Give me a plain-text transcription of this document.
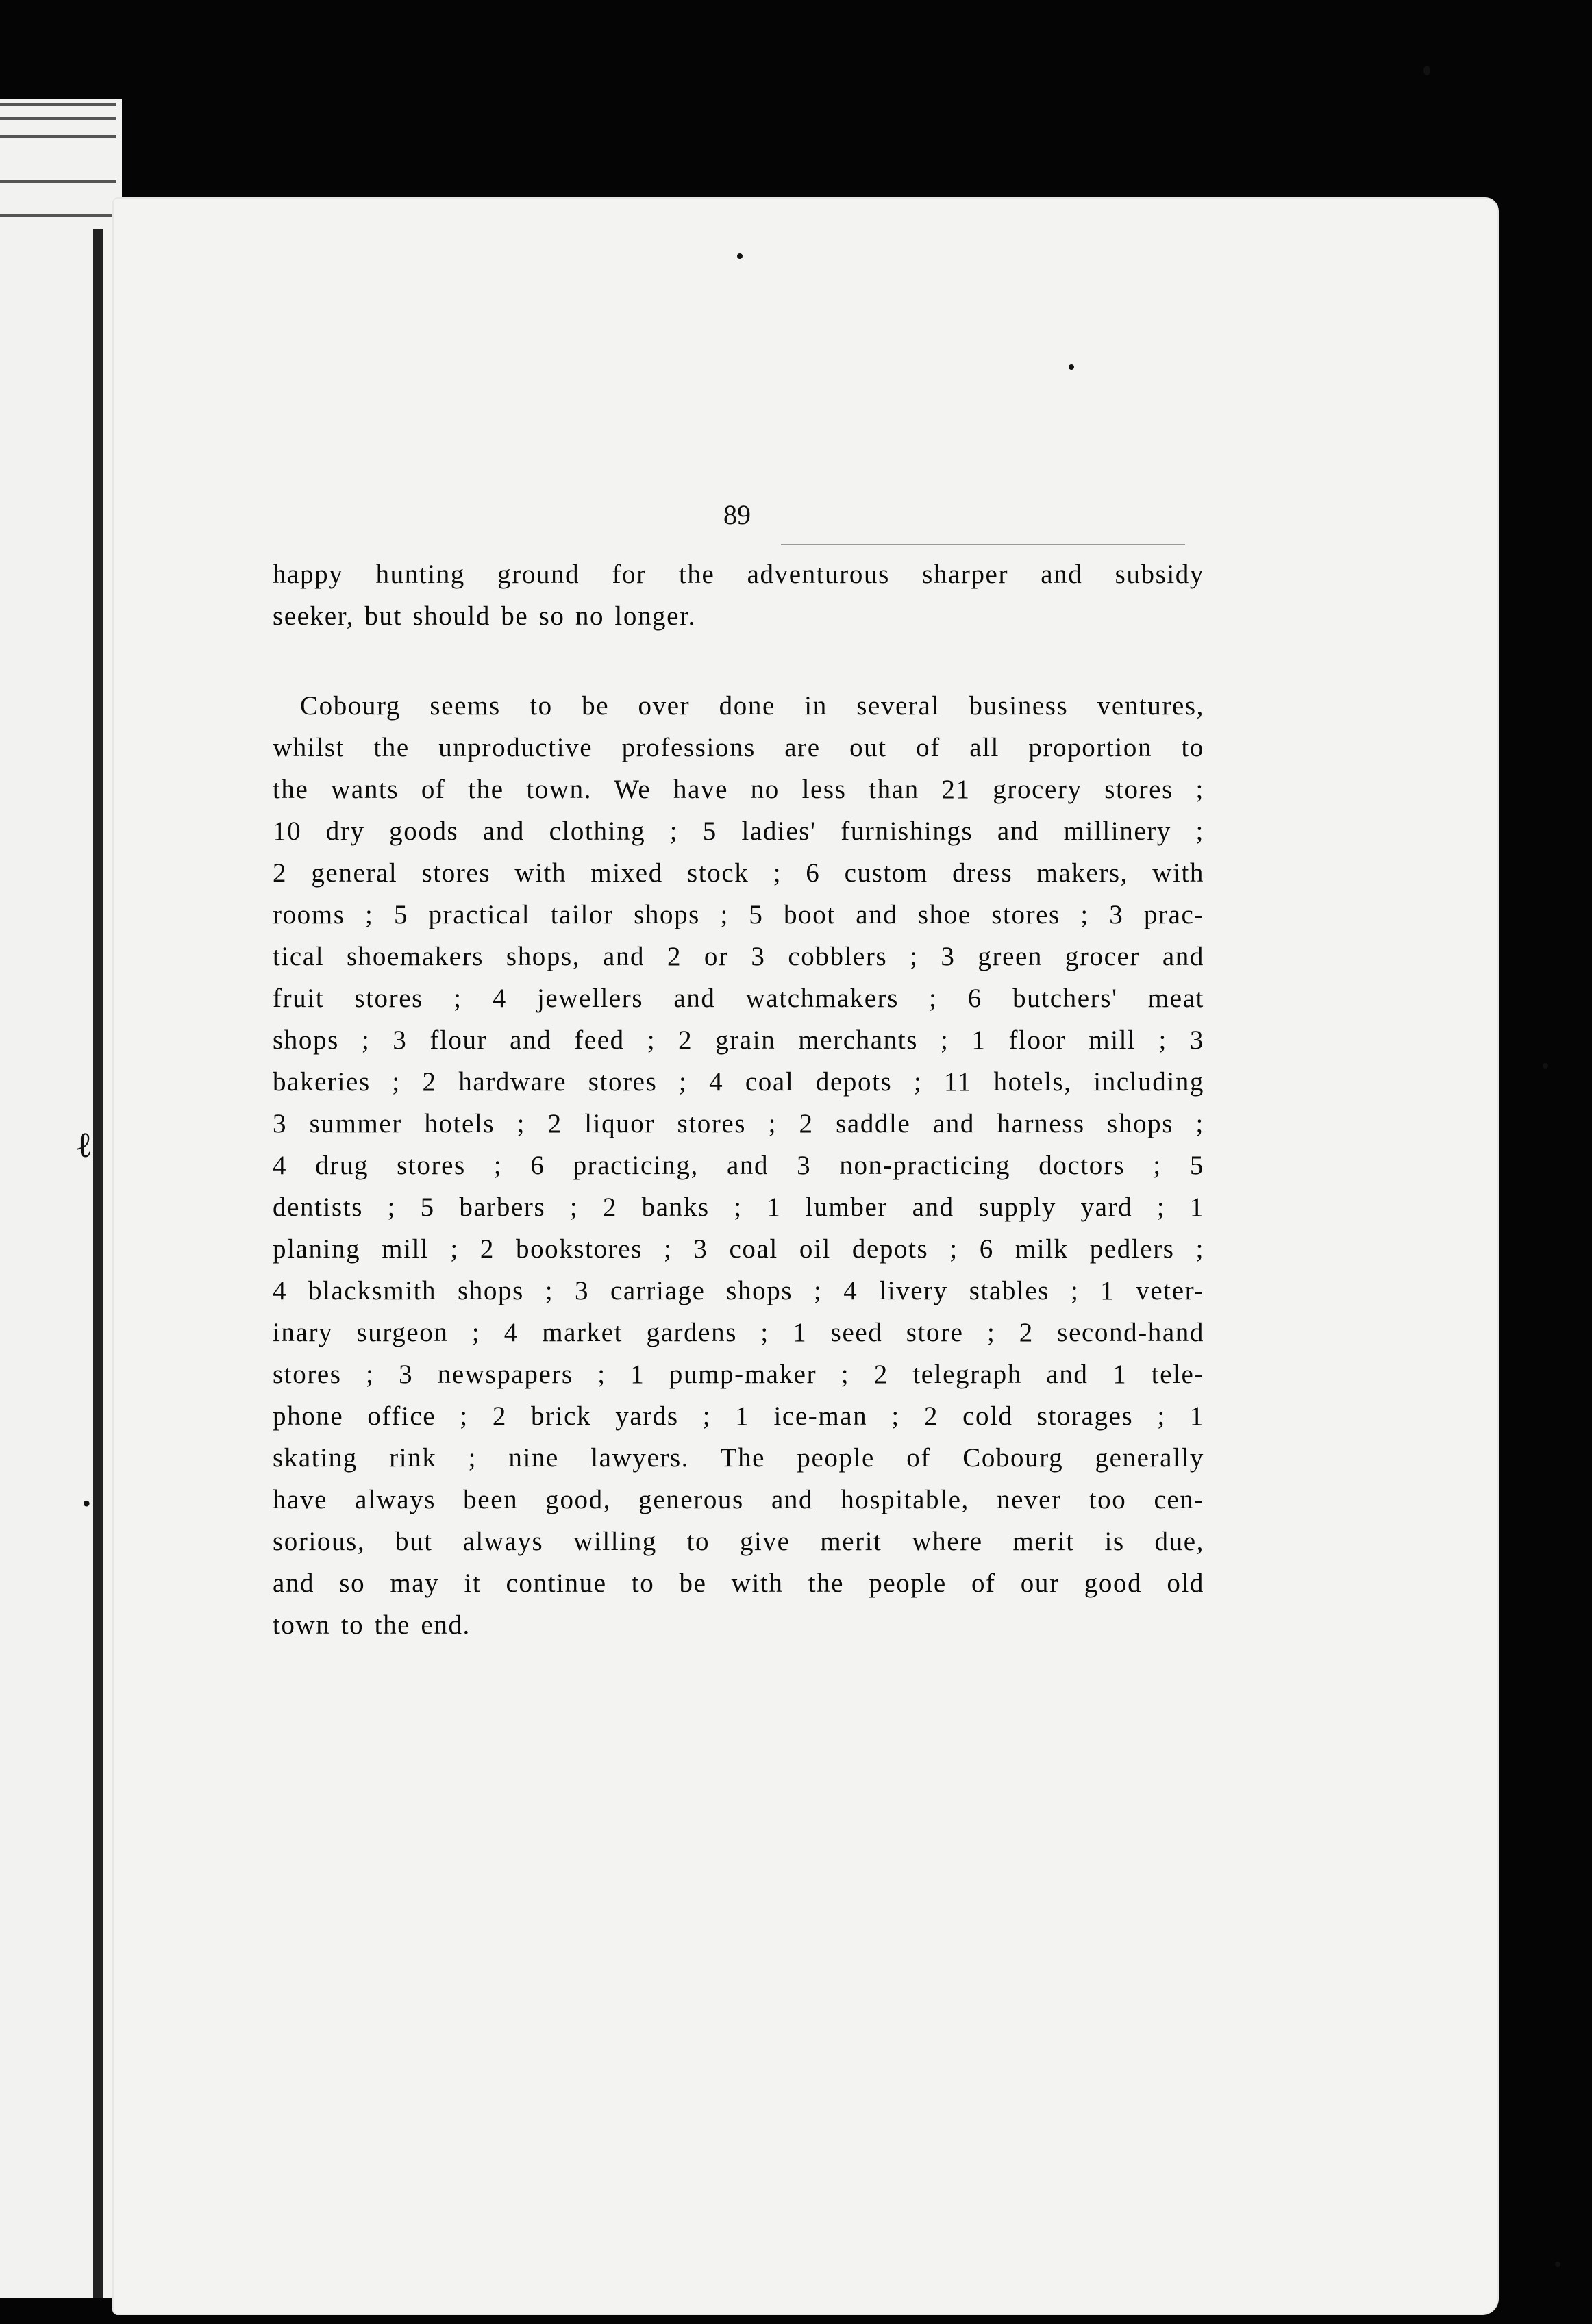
ℓ
•
89
happy hunting ground for the adventurous sharper and subsidy
seeker, but should be so no longer.
Cobourg seems to be over done in several business ventures,
whilst the unproductive professions are out of all proportion to
the wants of the town. We have no less than 21 grocery stores ;
10 dry goods and clothing ; 5 ladies' furnishings and millinery ;
2 general stores with mixed stock ; 6 custom dress makers, with
rooms ; 5 practical tailor shops ; 5 boot and shoe stores ; 3 prac-
tical shoemakers shops, and 2 or 3 cobblers ; 3 green grocer and
fruit stores ; 4 jewellers and watchmakers ; 6 butchers' meat
shops ; 3 flour and feed ; 2 grain merchants ; 1 floor mill ; 3
bakeries ; 2 hardware stores ; 4 coal depots ; 11 hotels, including
3 summer hotels ; 2 liquor stores ; 2 saddle and harness shops ;
4 drug stores ; 6 practicing, and 3 non-practicing doctors ; 5
dentists ; 5 barbers ; 2 banks ; 1 lumber and supply yard ; 1
planing mill ; 2 bookstores ; 3 coal oil depots ; 6 milk pedlers ;
4 blacksmith shops ; 3 carriage shops ; 4 livery stables ; 1 veter-
inary surgeon ; 4 market gardens ; 1 seed store ; 2 second-hand
stores ; 3 newspapers ; 1 pump-maker ; 2 telegraph and 1 tele-
phone office ; 2 brick yards ; 1 ice-man ; 2 cold storages ; 1
skating rink ; nine lawyers. The people of Cobourg generally
have always been good, generous and hospitable, never too cen-
sorious, but always willing to give merit where merit is due,
and so may it continue to be with the people of our good old
town to the end.
